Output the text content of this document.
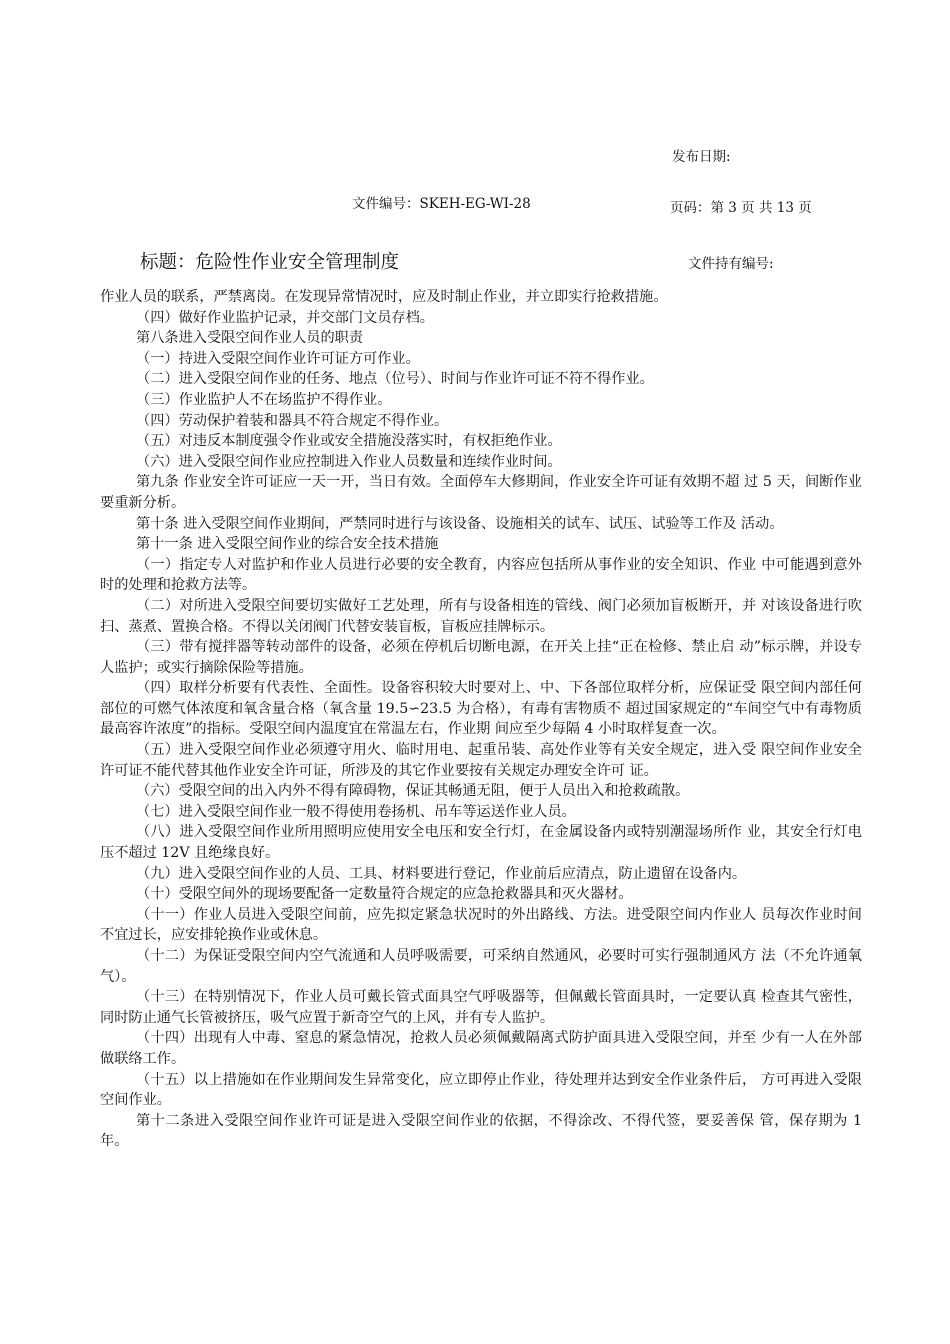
发布日期:
文件编号：SKEH-EG-WI-28	页码：第 3 页 共 13 页
标题：危险性作业安全管理制度	文件持有编号:

作业人员的联系，严禁离岗。在发现异常情况时，应及时制止作业，并立即实行抢救措施。

（四）做好作业监护记录，并交部门文员存档。

第八条进入受限空间作业人员的职责

（一）持进入受限空间作业许可证方可作业。

（二）进入受限空间作业的任务、地点（位号）、时间与作业许可证不符不得作业。

（三）作业监护人不在场监护不得作业。

（四）劳动保护着装和器具不符合规定不得作业。

（五）对违反本制度强令作业或安全措施没落实时，有权拒绝作业。

（六）进入受限空间作业应控制进入作业人员数量和连续作业时间。

第九条 作业安全许可证应一天一开，当日有效。全面停车大修期间，作业安全许可证有效期不超 过 5 天，间断作业要重新分析。

第十条 进入受限空间作业期间，严禁同时进行与该设备、设施相关的试车、试压、试验等工作及 活动。

第十一条 进入受限空间作业的综合安全技术措施

（一）指定专人对监护和作业人员进行必要的安全教育，内容应包括所从事作业的安全知识、作业 中可能遇到意外时的处理和抢救方法等。

（二）对所进入受限空间要切实做好工艺处理，所有与设备相连的管线、阀门必须加盲板断开，并 对该设备进行吹扫、蒸煮、置换合格。不得以关闭阀门代替安装盲板，盲板应挂牌标示。

（三）带有搅拌器等转动部件的设备，必须在停机后切断电源，在开关上挂“正在检修、禁止启 动”标示牌，并设专人监护；或实行摘除保险等措施。

（四）取样分析要有代表性、全面性。设备容积较大时要对上、中、下各部位取样分析，应保证受 限空间内部任何部位的可燃气体浓度和氧含量合格（氧含量 19.5∽23.5 为合格），有毒有害物质不 超过国家规定的“车间空气中有毒物质最高容许浓度”的指标。受限空间内温度宜在常温左右，作业期 间应至少每隔 4 小时取样复查一次。

（五）进入受限空间作业必须遵守用火、临时用电、起重吊装、高处作业等有关安全规定，进入受 限空间作业安全许可证不能代替其他作业安全许可证，所涉及的其它作业要按有关规定办理安全许可 证。

（六）受限空间的出入内外不得有障碍物，保证其畅通无阻，便于人员出入和抢救疏散。

（七）进入受限空间作业一般不得使用卷扬机、吊车等运送作业人员。

（八）进入受限空间作业所用照明应使用安全电压和安全行灯，在金属设备内或特别潮湿场所作 业，其安全行灯电压不超过 12V 且绝缘良好。

（九）进入受限空间作业的人员、工具、材料要进行登记，作业前后应清点，防止遗留在设备内。

（十）受限空间外的现场要配备一定数量符合规定的应急抢救器具和灭火器材。

（十一）作业人员进入受限空间前，应先拟定紧急状况时的外出路线、方法。进受限空间内作业人 员每次作业时间不宜过长，应安排轮换作业或休息。

（十二）为保证受限空间内空气流通和人员呼吸需要，可采纳自然通风，必要时可实行强制通风方 法（不允许通氧气）。

（十三）在特别情况下，作业人员可戴长管式面具空气呼吸器等，但佩戴长管面具时，一定要认真 检查其气密性，同时防止通气长管被挤压，吸气应置于新奇空气的上风，并有专人监护。

（十四）出现有人中毒、窒息的紧急情况，抢救人员必须佩戴隔离式防护面具进入受限空间，并至 少有一人在外部做联络工作。

（十五）以上措施如在作业期间发生异常变化，应立即停止作业，待处理并达到安全作业条件后， 方可再进入受限空间作业。

第十二条进入受限空间作业许可证是进入受限空间作业的依据，不得涂改、不得代签，要妥善保 管，保存期为 1 年。
